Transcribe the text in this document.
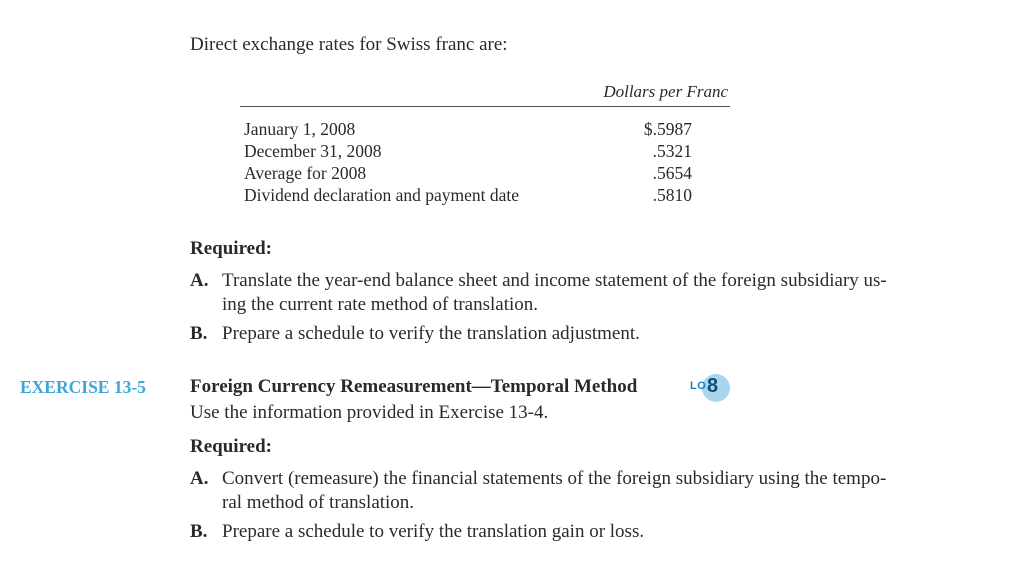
Direct exchange rates for Swiss franc are:
Dollars per Franc
January 1, 2008	$.5987
December 31, 2008	.5321
Average for 2008	.5654
Dividend declaration and payment date	.5810
Required:
A. Translate the year-end balance sheet and income statement of the foreign subsidiary us-
ing the current rate method of translation.
B. Prepare a schedule to verify the translation adjustment.
EXERCISE 13-5 Foreign Currency Remeasurement—Temporal Method	LO 8
Use the information provided in Exercise 13-4.
Required:
A. Convert (remeasure) the financial statements of the foreign subsidiary using the tempo-
ral method of translation.
B. Prepare a schedule to verify the translation gain or loss.
